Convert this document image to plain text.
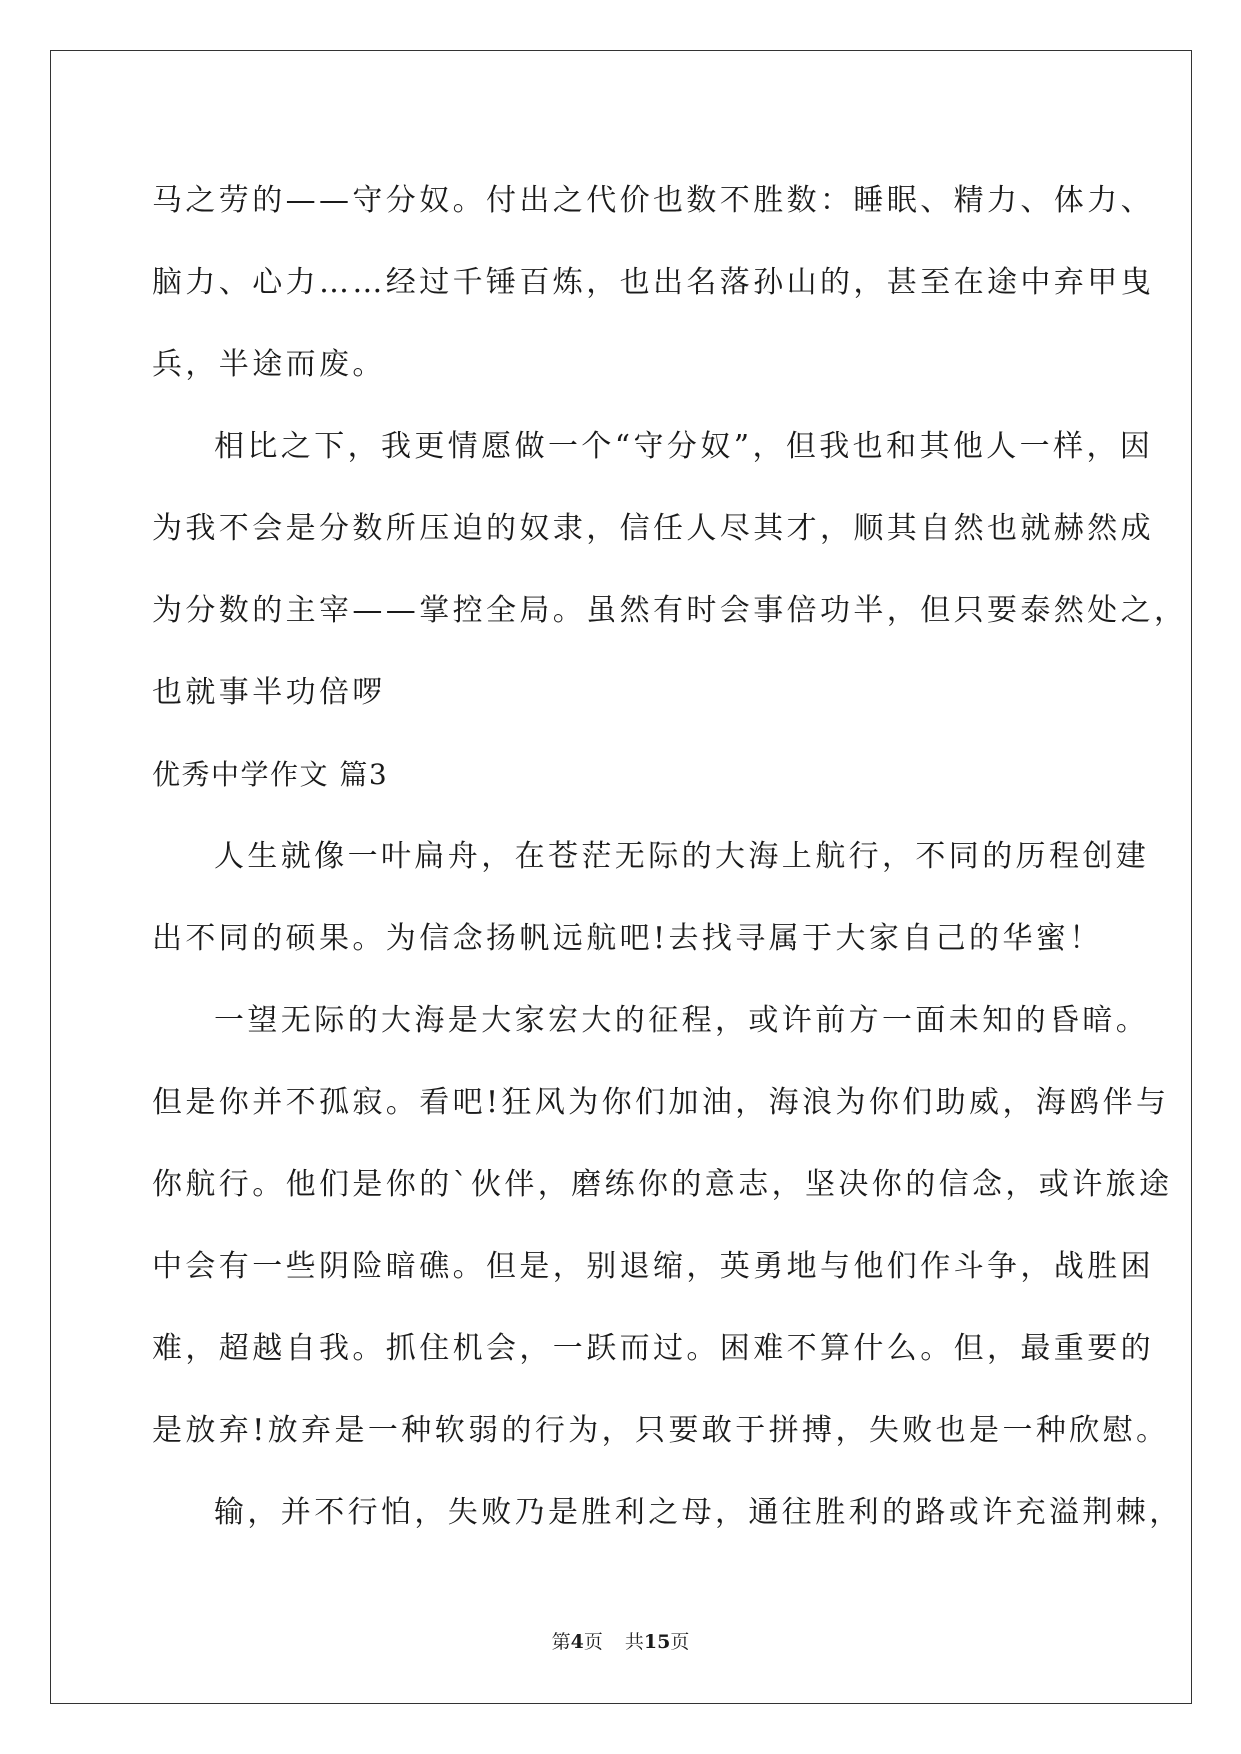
马之劳的——守分奴。付出之代价也数不胜数：睡眠、精力、体力、
脑力、心力……经过千锤百炼，也出名落孙山的，甚至在途中弃甲曳
兵，半途而废。
相比之下，我更情愿做一个“守分奴”，但我也和其他人一样，因
为我不会是分数所压迫的奴隶，信任人尽其才，顺其自然也就赫然成
为分数的主宰——掌控全局。虽然有时会事倍功半，但只要泰然处之，
也就事半功倍啰
优秀中学作文 篇3
人生就像一叶扁舟，在苍茫无际的大海上航行，不同的历程创建
出不同的硕果。为信念扬帆远航吧!去找寻属于大家自己的华蜜！
一望无际的大海是大家宏大的征程，或许前方一面未知的昏暗。
但是你并不孤寂。看吧!狂风为你们加油，海浪为你们助威，海鸥伴与
你航行。他们是你的`伙伴，磨练你的意志，坚决你的信念，或许旅途
中会有一些阴险暗礁。但是，别退缩，英勇地与他们作斗争，战胜困
难，超越自我。抓住机会，一跃而过。困难不算什么。但，最重要的
是放弃!放弃是一种软弱的行为，只要敢于拼搏，失败也是一种欣慰。
输，并不行怕，失败乃是胜利之母，通往胜利的路或许充溢荆棘，
第4页 共15页
